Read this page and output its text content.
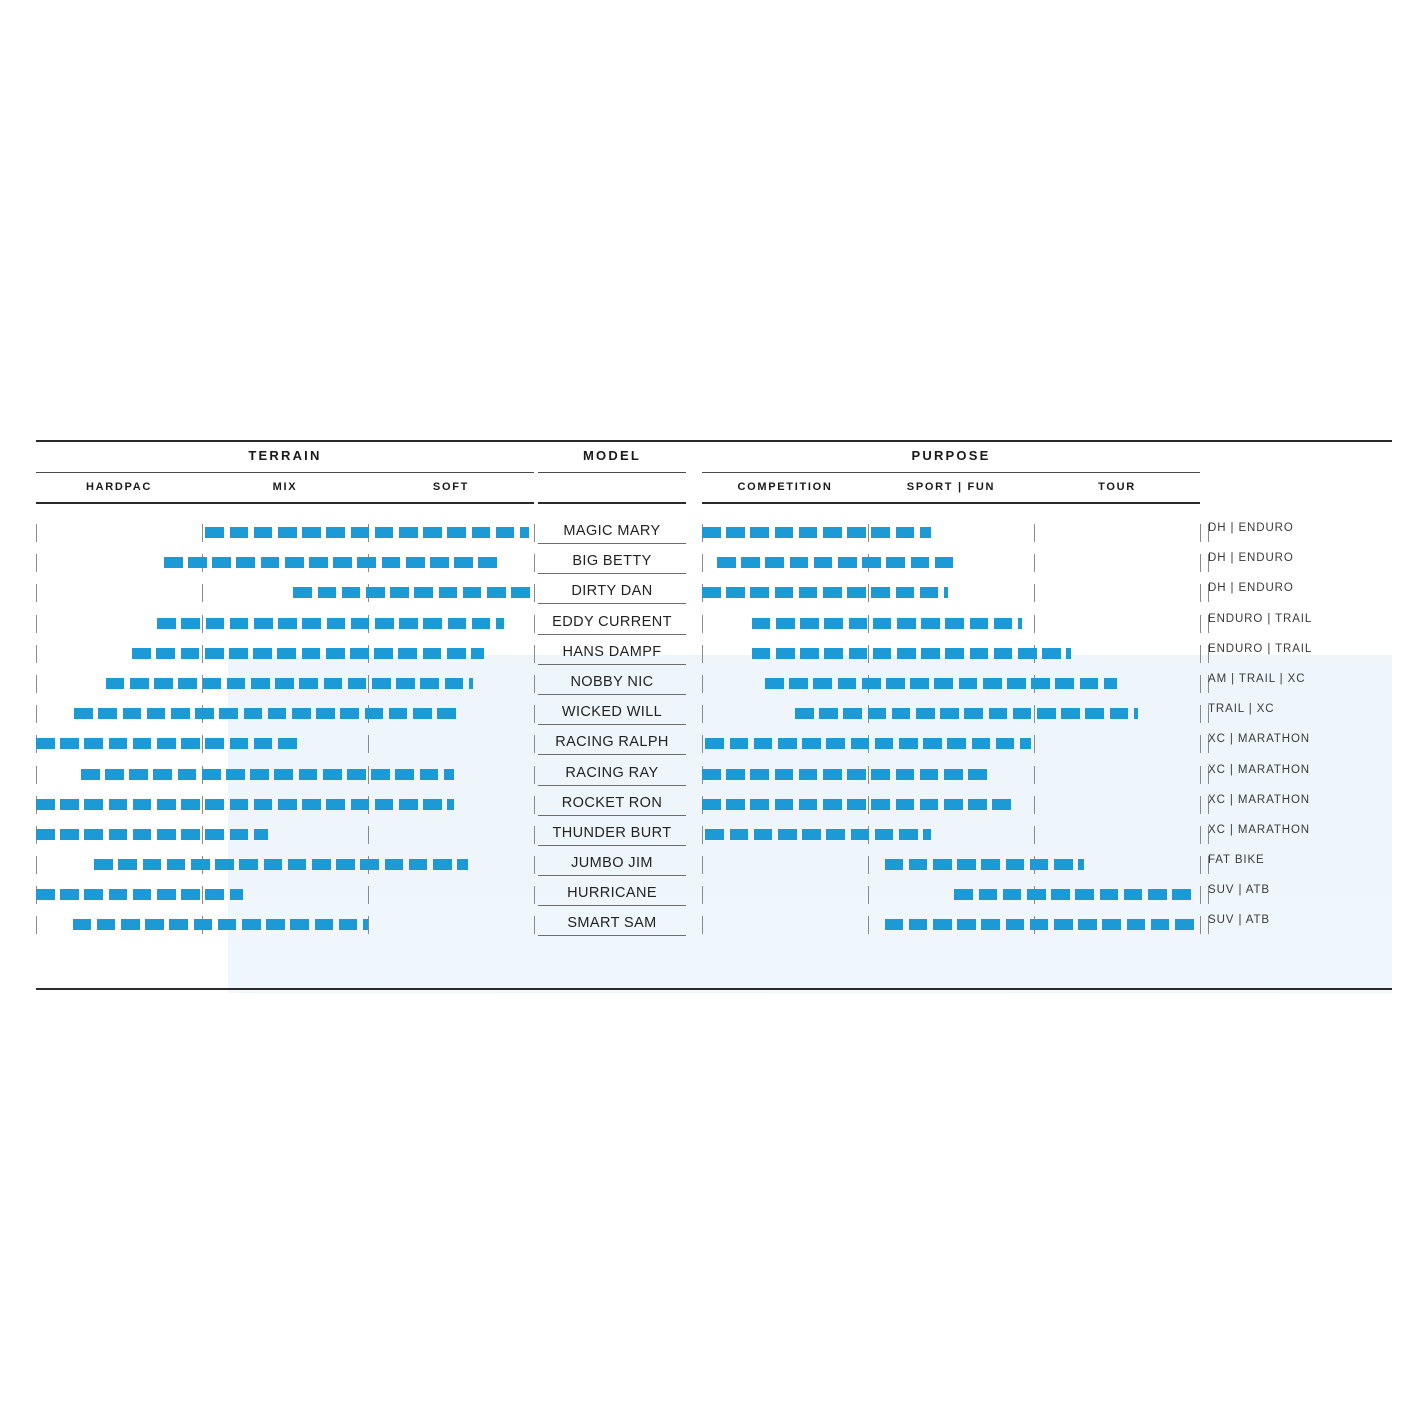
TERRAIN	MODEL	PURPOSE
HARDPAC	MIX	SOFT	COMPETITION	SPORT | FUN	TOUR
MAGIC MARY	DH | ENDURO
BIG BETTY	DH | ENDURO
DIRTY DAN	DH | ENDURO
EDDY CURRENT	ENDURO | TRAIL
HANS DAMPF	ENDURO | TRAIL
NOBBY NIC	AM | TRAIL | XC
WICKED WILL	TRAIL | XC
RACING RALPH	XC | MARATHON
RACING RAY	XC | MARATHON
ROCKET RON	XC | MARATHON
THUNDER BURT	XC | MARATHON
JUMBO JIM	FAT BIKE
HURRICANE	SUV | ATB
SMART SAM	SUV | ATB
